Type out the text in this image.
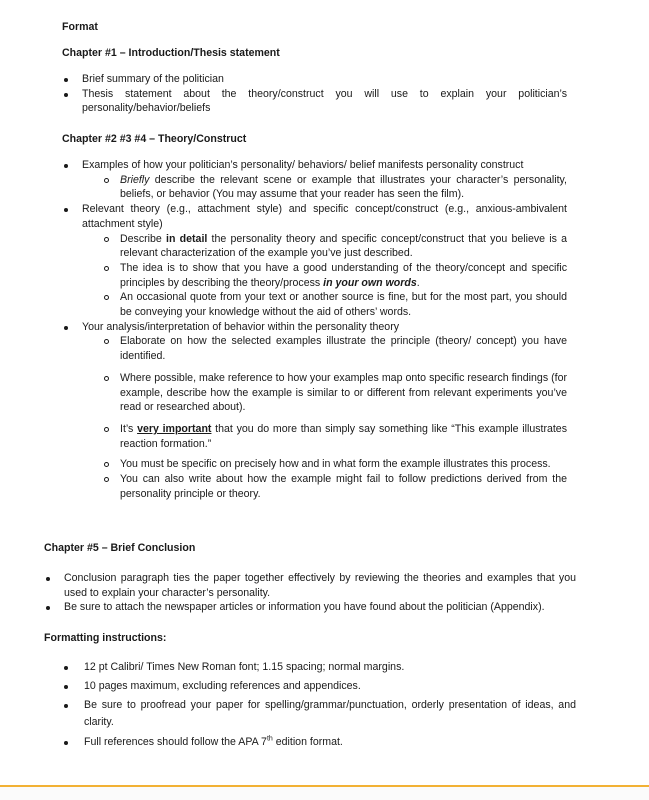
Format
Chapter #1 – Introduction/Thesis statement
Brief summary of the politician
Thesis statement about the theory/construct you will use to explain your politician’s personality/behavior/beliefs
Chapter #2 #3 #4 – Theory/Construct
Examples of how your politician’s personality/ behaviors/ belief manifests personality construct
Briefly describe the relevant scene or example that illustrates your character’s personality, beliefs, or behavior (You may assume that your reader has seen the film).
Relevant theory (e.g., attachment style) and specific concept/construct (e.g., anxious-ambivalent attachment style)
Describe in detail the personality theory and specific concept/construct that you believe is a relevant characterization of the example you’ve just described.
The idea is to show that you have a good understanding of the theory/concept and specific principles by describing the theory/process in your own words.
An occasional quote from your text or another source is fine, but for the most part, you should be conveying your knowledge without the aid of others’ words.
Your analysis/interpretation of behavior within the personality theory
Elaborate on how the selected examples illustrate the principle (theory/ concept) you have identified.
Where possible, make reference to how your examples map onto specific research findings (for example, describe how the example is similar to or different from relevant experiments you’ve read or researched about).
It’s very important that you do more than simply say something like “This example illustrates reaction formation.”
You must be specific on precisely how and in what form the example illustrates this process.
You can also write about how the example might fail to follow predictions derived from the personality principle or theory.
Chapter #5 – Brief Conclusion
Conclusion paragraph ties the paper together effectively by reviewing the theories and examples that you used to explain your character’s personality.
Be sure to attach the newspaper articles or information you have found about the politician (Appendix).
Formatting instructions:
12 pt Calibri/ Times New Roman font; 1.15 spacing; normal margins.
10 pages maximum, excluding references and appendices.
Be sure to proofread your paper for spelling/grammar/punctuation, orderly presentation of ideas, and clarity.
Full references should follow the APA 7th edition format.
